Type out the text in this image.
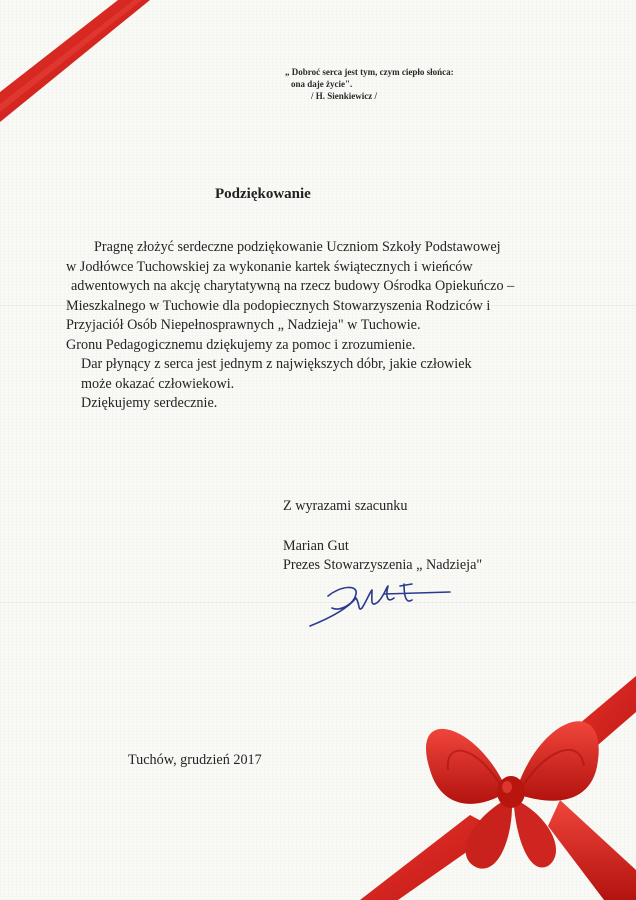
„ Dobroć serca jest tym, czym ciepło słońca:
ona daje życie".
/ H. Sienkiewicz /
Podziękowanie
Pragnę złożyć serdeczne podziękowanie Uczniom Szkoły Podstawowej
w Jodłówce Tuchowskiej za wykonanie kartek świątecznych i wieńców
adwentowych na akcję charytatywną na rzecz budowy Ośrodka Opiekuńczo –
Mieszkalnego w Tuchowie dla podopiecznych Stowarzyszenia Rodziców i
Przyjaciół Osób Niepełnosprawnych „ Nadzieja" w Tuchowie.
Gronu Pedagogicznemu dziękujemy za pomoc i zrozumienie.
Dar płynący z serca jest jednym z największych dóbr, jakie człowiek
może okazać człowiekowi.
Dziękujemy serdecznie.
Z wyrazami szacunku
Marian Gut
Prezes Stowarzyszenia „ Nadzieja"
Tuchów, grudzień 2017
